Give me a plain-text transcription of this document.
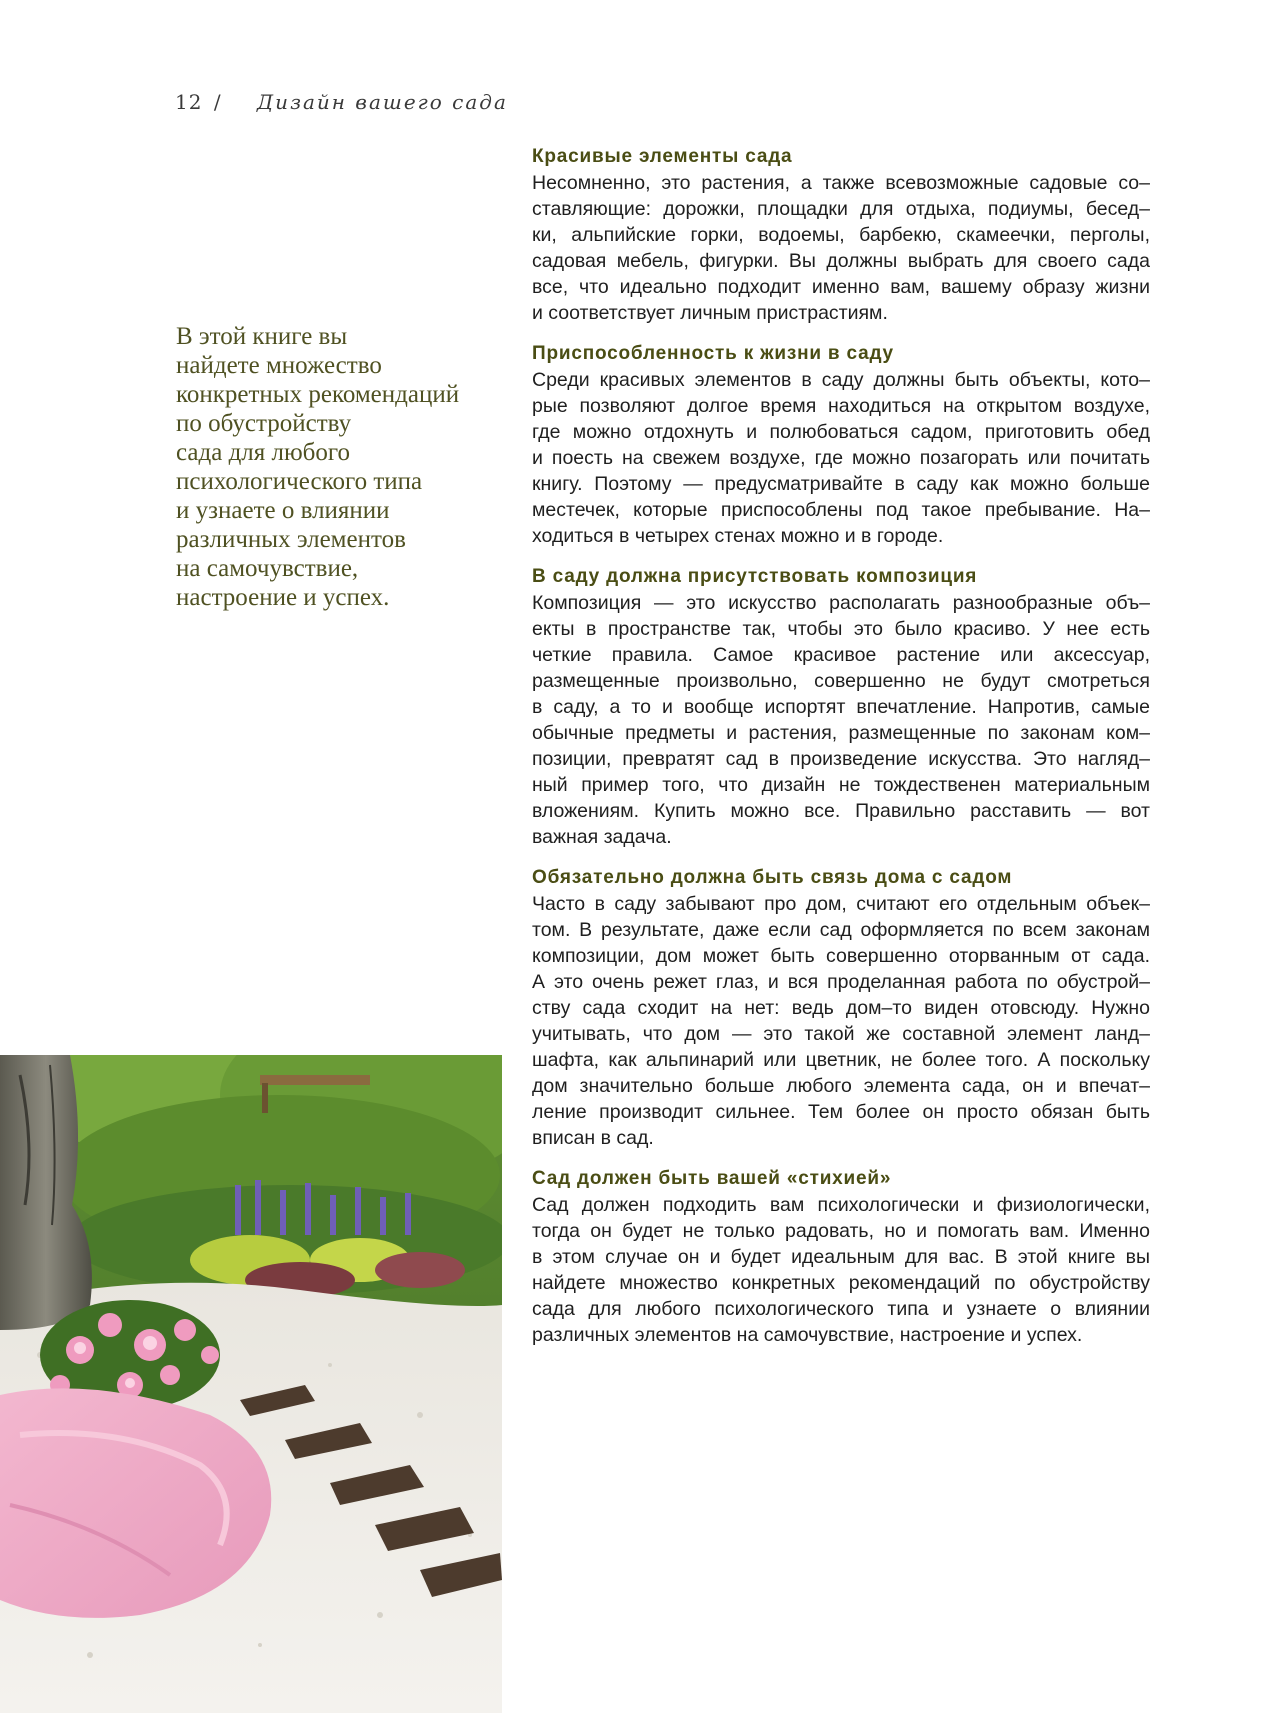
12 / Дизайн вашего сада
В этой книге вы
найдете множество
конкретных рекомендаций
по обустройству
сада для любого
психологического типа
и узнаете о влиянии
различных элементов
на самочувствие,
настроение и успех.
Красивые элементы сада
Несомненно, это растения, а также всевозможные садовые со–
ставляющие: дорожки, площадки для отдыха, подиумы, бесед–
ки, альпийские горки, водоемы, барбекю, скамеечки, перголы,
садовая мебель, фигурки. Вы должны выбрать для своего сада
все, что идеально подходит именно вам, вашему образу жизни
и соответствует личным пристрастиям.
Приспособленность к жизни в саду
Среди красивых элементов в саду должны быть объекты, кото–
рые позволяют долгое время находиться на открытом воздухе,
где можно отдохнуть и полюбоваться садом, приготовить обед
и поесть на свежем воздухе, где можно позагорать или почитать
книгу. Поэтому — предусматривайте в саду как можно больше
местечек, которые приспособлены под такое пребывание. На–
ходиться в четырех стенах можно и в городе.
В саду должна присутствовать композиция
Композиция — это искусство располагать разнообразные объ–
екты в пространстве так, чтобы это было красиво. У нее есть
четкие правила. Самое красивое растение или аксессуар,
размещенные произвольно, совершенно не будут смотреться
в саду, а то и вообще испортят впечатление. Напротив, самые
обычные предметы и растения, размещенные по законам ком–
позиции, превратят сад в произведение искусства. Это нагляд–
ный пример того, что дизайн не тождественен материальным
вложениям. Купить можно все. Правильно расставить — вот
важная задача.
Обязательно должна быть связь дома с садом
Часто в саду забывают про дом, считают его отдельным объек–
том. В результате, даже если сад оформляется по всем законам
композиции, дом может быть совершенно оторванным от сада.
А это очень режет глаз, и вся проделанная работа по обустрой–
ству сада сходит на нет: ведь дом–то виден отовсюду. Нужно
учитывать, что дом — это такой же составной элемент ланд–
шафта, как альпинарий или цветник, не более того. А поскольку
дом значительно больше любого элемента сада, он и впечат–
ление производит сильнее. Тем более он просто обязан быть
вписан в сад.
Сад должен быть вашей «стихией»
Сад должен подходить вам психологически и физиологически,
тогда он будет не только радовать, но и помогать вам. Именно
в этом случае он и будет идеальным для вас. В этой книге вы
найдете множество конкретных рекомендаций по обустройству
сада для любого психологического типа и узнаете о влиянии
различных элементов на самочувствие, настроение и успех.
